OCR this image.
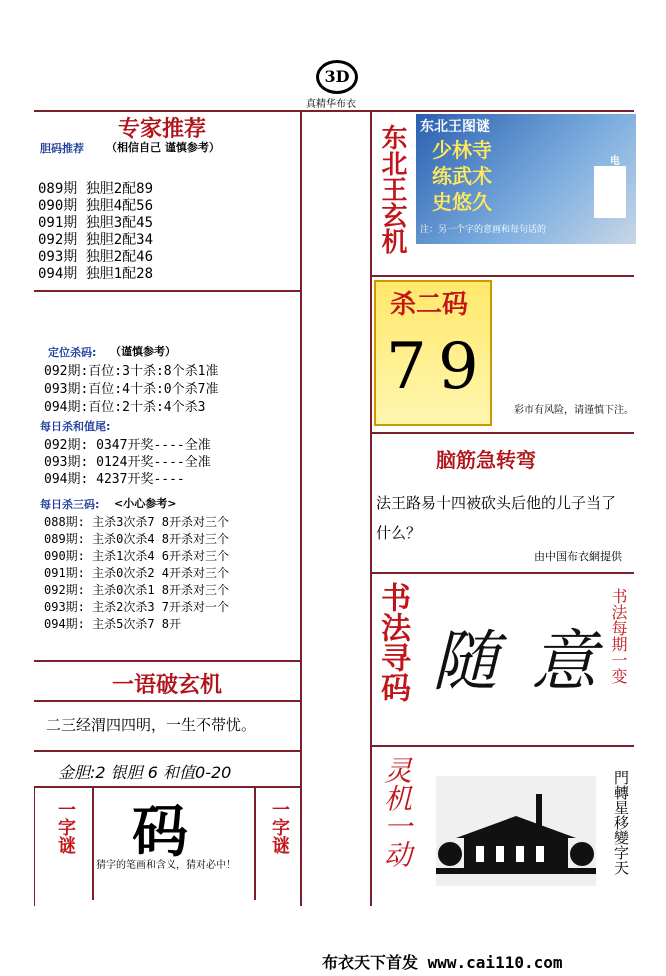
3D
真精华布衣
专家推荐
胆码推荐 （相信自己 谨慎参考）
089期 独胆2配89
090期 独胆4配56
091期 独胆3配45
092期 独胆2配34
093期 独胆2配46
094期 独胆1配28
定位杀码: （谨慎参考）
092期:百位:3十杀:8个杀1准
093期:百位:4十杀:0个杀7准
094期:百位:2十杀:4个杀3
每日杀和值尾:
092期: 0347开奖----全准
093期: 0124开奖----全准
094期: 4237开奖----
每日杀三码: <小心参考>
088期: 主杀3次杀7 8开杀对三个
089期: 主杀0次杀4 8开杀对三个
090期: 主杀1次杀4 6开杀对三个
091期: 主杀0次杀2 4开杀对三个
092期: 主杀0次杀1 8开杀对三个
093期: 主杀2次杀3 7开杀对一个
094期: 主杀5次杀7 8开
一语破玄机
二三经渭四四明，一生不带忧。
金胆:2 银胆 6 和值0-20
一字谜	一字谜
码
猜字的笔画和含义，猜对必中！
东北王玄机 东北王图谜
少林寺
练武术
史悠久
注：另一个字的意画和每句话的
电
杀二码
7 9
彩市有风险，请谨慎下注。
脑筋急转弯
法王路易十四被砍头后他的儿子当了什么？
由中国布衣網提供
书法寻码 随 意 书法每期一变
灵机一动	門轉星移變字天
布衣天下首发 www.cai110.com
